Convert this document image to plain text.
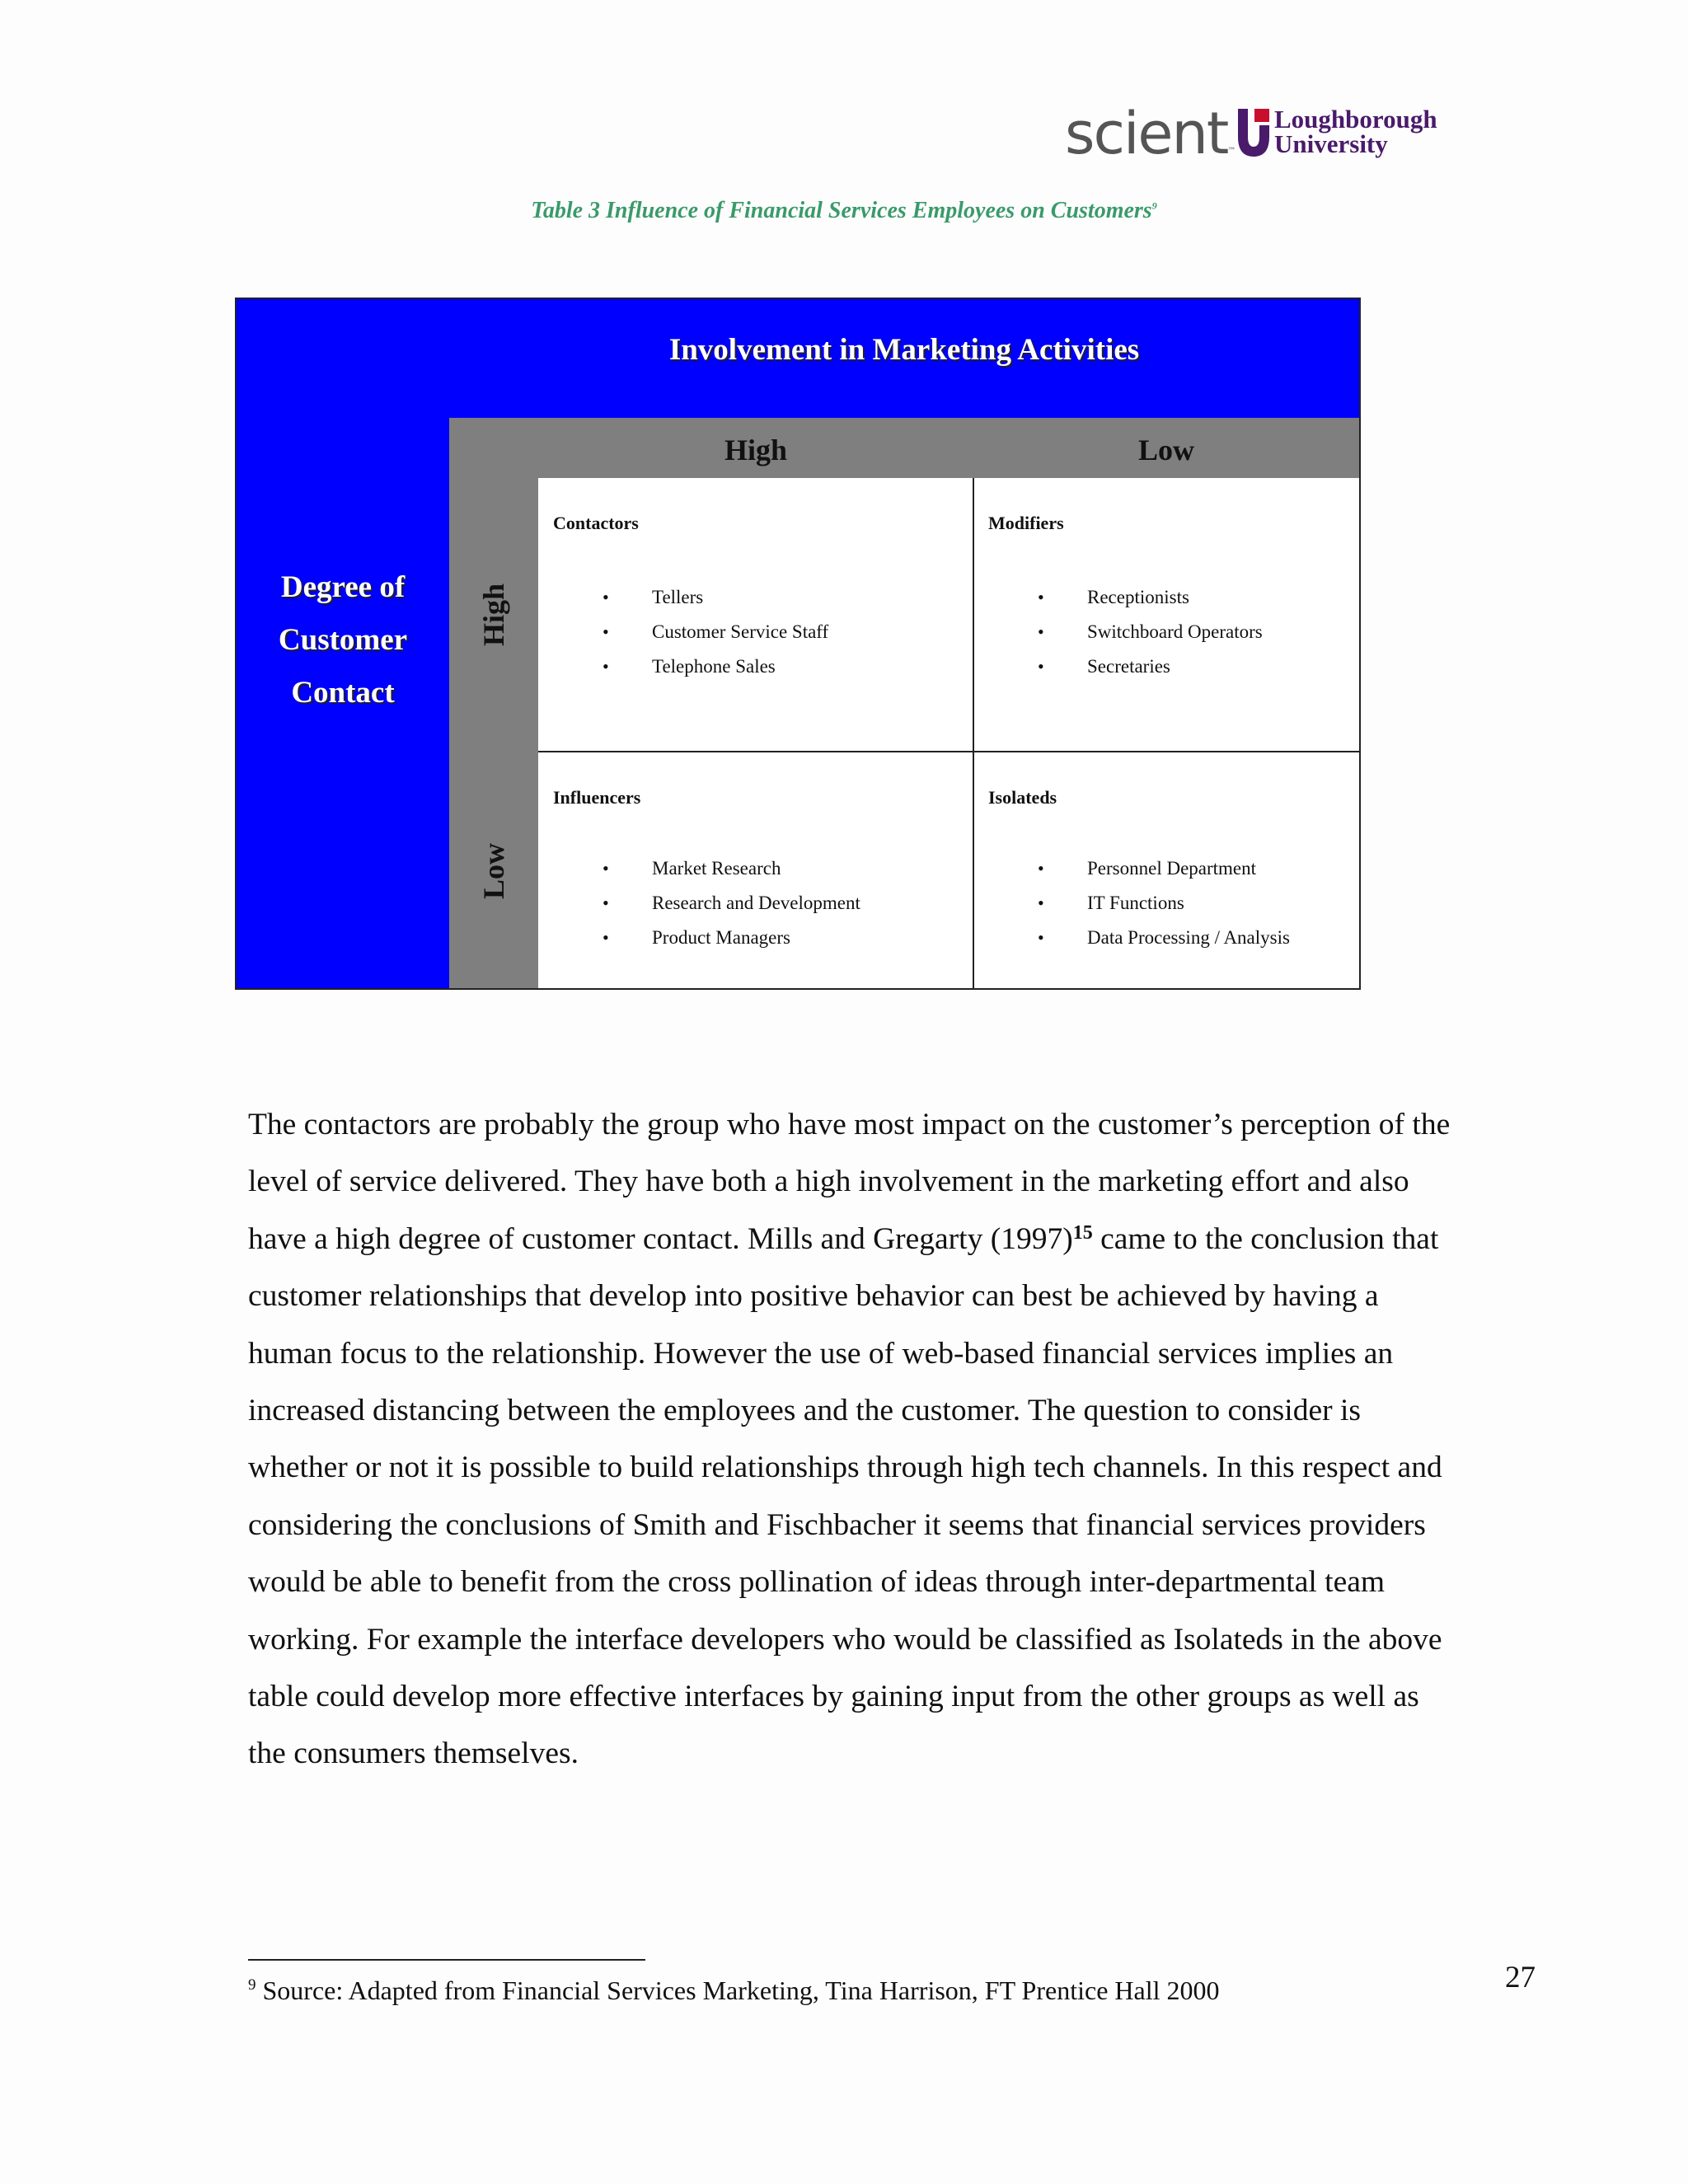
scient™
Loughborough
University
Table 3 Influence of Financial Services Employees on Customers$^9$
Involvement in Marketing Activities
Degree of
Customer
Contact
High	Low
High
Low
Contactors
• Tellers
• Customer Service Staff
• Telephone Sales
Modifiers
• Receptionists
• Switchboard Operators
• Secretaries
Influencers
• Market Research
• Research and Development
• Product Managers
Isolateds
• Personnel Department
• IT Functions
• Data Processing / Analysis

The contactors are probably the group who have most impact on the customer’s perception of the level of service delivered. They have both a high involvement in the marketing effort and also have a high degree of customer contact. Mills and Gregarty (1997)$^{15}$ came to the conclusion that customer relationships that develop into positive behavior can best be achieved by having a human focus to the relationship. However the use of web-based financial services implies an increased distancing between the employees and the customer. The question to consider is whether or not it is possible to build relationships through high tech channels. In this respect and considering the conclusions of Smith and Fischbacher it seems that financial services providers would be able to benefit from the cross pollination of ideas through inter-departmental team working. For example the interface developers who would be classified as Isolateds in the above table could develop more effective interfaces by gaining input from the other groups as well as the consumers themselves.

$^9$ Source: Adapted from Financial Services Marketing, Tina Harrison, FT Prentice Hall 2000	27
